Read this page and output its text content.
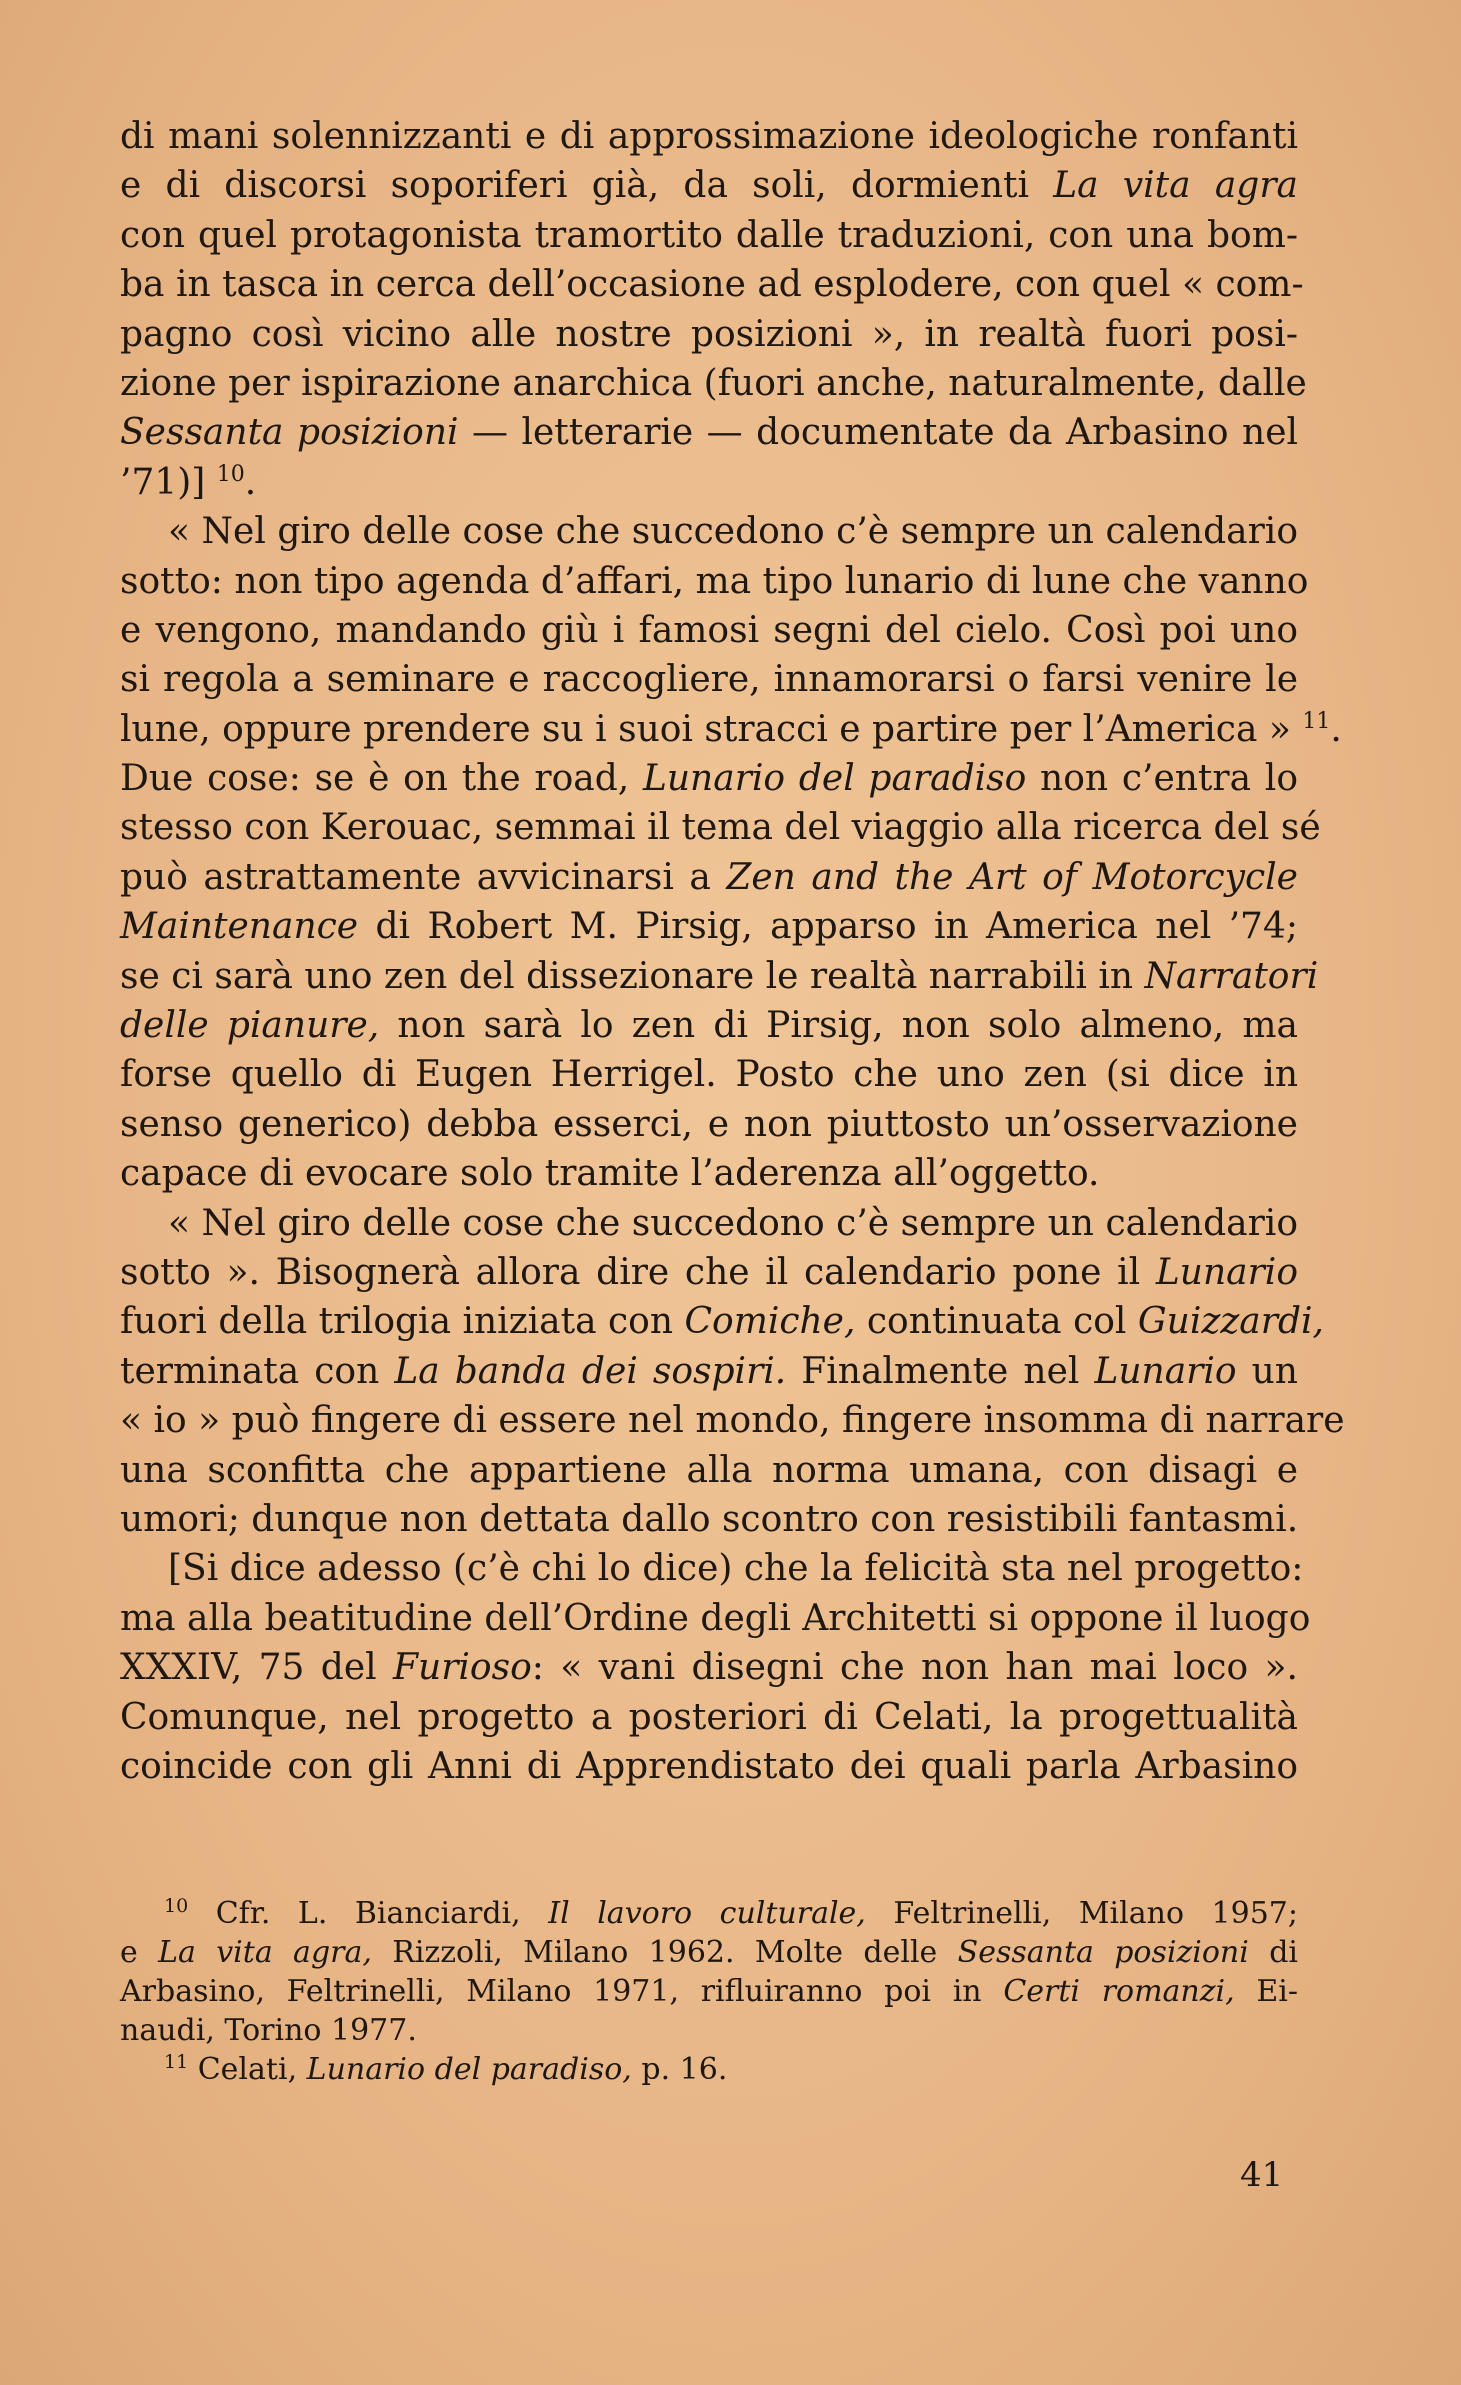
di mani solennizzanti e di approssimazione ideologiche ronfanti
e di discorsi soporiferi già, da soli, dormienti La vita agra
con quel protagonista tramortito dalle traduzioni, con una bom-
ba in tasca in cerca dell’occasione ad esplodere, con quel « com-
pagno così vicino alle nostre posizioni », in realtà fuori posi-
zione per ispirazione anarchica (fuori anche, naturalmente, dalle
Sessanta posizioni — letterarie — documentate da Arbasino nel
’71)] $^{10}$.
« Nel giro delle cose che succedono c’è sempre un calendario
sotto: non tipo agenda d’affari, ma tipo lunario di lune che vanno
e vengono, mandando giù i famosi segni del cielo. Così poi uno
si regola a seminare e raccogliere, innamorarsi o farsi venire le
lune, oppure prendere su i suoi stracci e partire per l’America » $^{11}$.
Due cose: se è on the road, Lunario del paradiso non c’entra lo
stesso con Kerouac, semmai il tema del viaggio alla ricerca del sé
può astrattamente avvicinarsi a Zen and the Art of Motorcycle
Maintenance di Robert M. Pirsig, apparso in America nel ’74;
se ci sarà uno zen del dissezionare le realtà narrabili in Narratori
delle pianure, non sarà lo zen di Pirsig, non solo almeno, ma
forse quello di Eugen Herrigel. Posto che uno zen (si dice in
senso generico) debba esserci, e non piuttosto un’osservazione
capace di evocare solo tramite l’aderenza all’oggetto.
« Nel giro delle cose che succedono c’è sempre un calendario
sotto ». Bisognerà allora dire che il calendario pone il Lunario
fuori della trilogia iniziata con Comiche, continuata col Guizzardi,
terminata con La banda dei sospiri. Finalmente nel Lunario un
« io » può fingere di essere nel mondo, fingere insomma di narrare
una sconfitta che appartiene alla norma umana, con disagi e
umori; dunque non dettata dallo scontro con resistibili fantasmi.
[Si dice adesso (c’è chi lo dice) che la felicità sta nel progetto:
ma alla beatitudine dell’Ordine degli Architetti si oppone il luogo
XXXIV, 75 del Furioso: « vani disegni che non han mai loco ».
Comunque, nel progetto a posteriori di Celati, la progettualità
coincide con gli Anni di Apprendistato dei quali parla Arbasino
$^{10}$ Cfr. L. Bianciardi, Il lavoro culturale, Feltrinelli, Milano 1957;
e La vita agra, Rizzoli, Milano 1962. Molte delle Sessanta posizioni di
Arbasino, Feltrinelli, Milano 1971, rifluiranno poi in Certi romanzi, Ei-
naudi, Torino 1977.
$^{11}$ Celati, Lunario del paradiso, p. 16.
41
